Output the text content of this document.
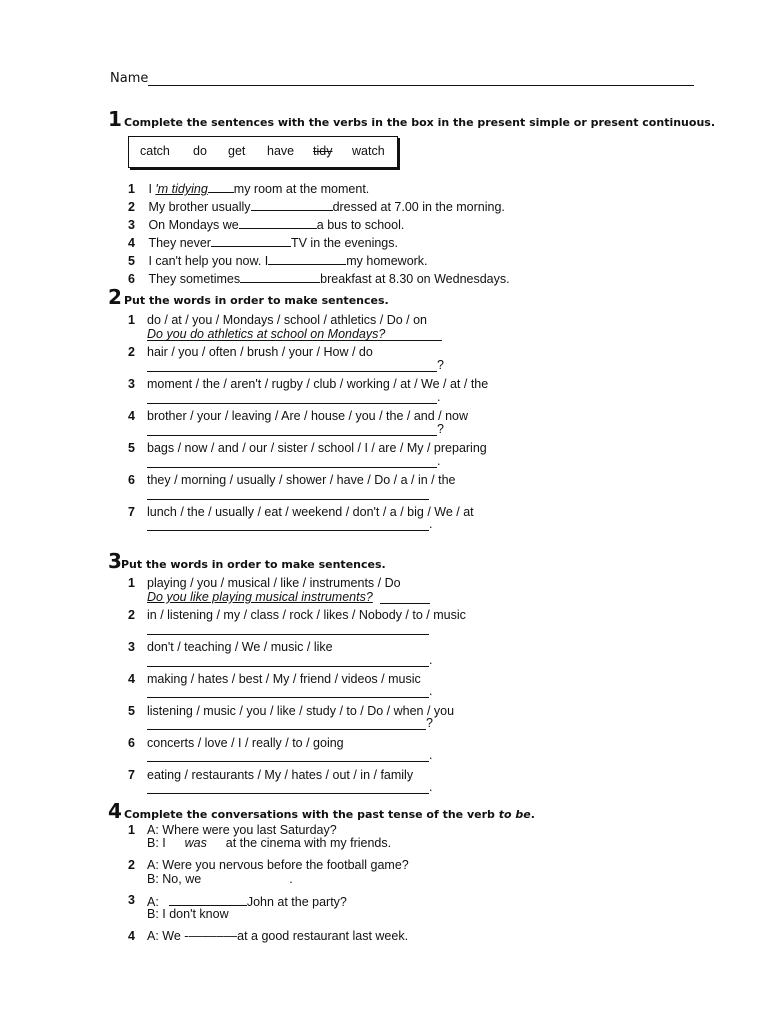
Name
1 Complete the sentences with the verbs in the box in the present simple or present continuous.
catch do get have tidy watch
1 I 'm tidying my room at the moment.
2 My brother usually	dressed at 7.00 in the morning.
3 On Mondays we	a bus to school.
4 They never	TV in the evenings.
5 I can't help you now. I	my homework.
6 They sometimes	breakfast at 8.30 on Wednesdays.
2 Put the words in order to make sentences.
1 do / at / you / Mondays / school / athletics / Do / on
Do you do athletics at school on Mondays?
2 hair / you / often / brush / your / How / do
?
3 moment / the / aren't / rugby / club / working / at / We / at / the
.
4 brother / your / leaving / Are / house / you / the / and / now
?
5 bags / now / and / our / sister / school / I / are / My / preparing
.
6 they / morning / usually / shower / have / Do / a / in / the
7 lunch / the / usually / eat / weekend / don't / a / big / We / at
.
3 Put the words in order to make sentences.
1 playing / you / musical / like / instruments / Do
Do you like playing musical instruments?
2 in / listening / my / class / rock / likes / Nobody / to / music
3 don't / teaching / We / music / like
.
4 making / hates / best / My / friend / videos / music
.
5 listening / music / you / like / study / to / Do / when / you
?
6 concerts / love / I / really / to / going
.
7 eating / restaurants / My / hates / out / in / family
.
4 Complete the conversations with the past tense of the verb to be.
1 A: Where were you last Saturday?
B: I was at the cinema with my friends.
2 A: Were you nervous before the football game?
B: No, we	.
3 A:	John at the party?
B: I don't know
4 A: We -–––––––at a good restaurant last week.
